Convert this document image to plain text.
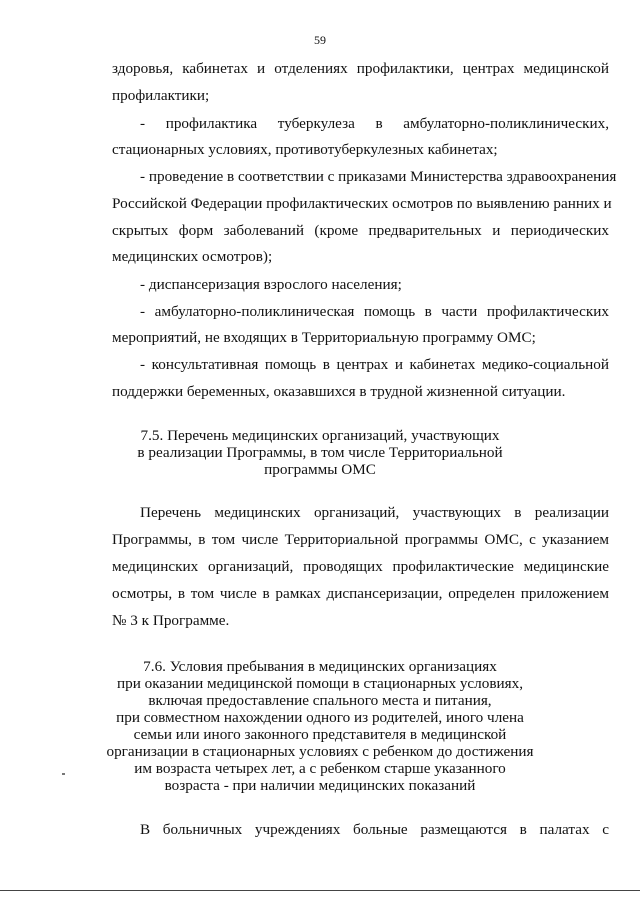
59
здоровья, кабинетах и отделениях профилактики, центрах медицинской
профилактики;
- профилактика туберкулеза в амбулаторно-поликлинических,
стационарных условиях, противотуберкулезных кабинетах;
- проведение в соответствии с приказами Министерства здравоохранения
Российской Федерации профилактических осмотров по выявлению ранних и
скрытых форм заболеваний (кроме предварительных и периодических
медицинских осмотров);
- диспансеризация взрослого населения;
- амбулаторно-поликлиническая помощь в части профилактических
мероприятий, не входящих в Территориальную программу ОМС;
- консультативная помощь в центрах и кабинетах медико-социальной
поддержки беременных, оказавшихся в трудной жизненной ситуации.
7.5. Перечень медицинских организаций, участвующих
в реализации Программы, в том числе Территориальной
программы ОМС
Перечень медицинских организаций, участвующих в реализации
Программы, в том числе Территориальной программы ОМС, с указанием
медицинских организаций, проводящих профилактические медицинские
осмотры, в том числе в рамках диспансеризации, определен приложением
№ 3 к Программе.
7.6. Условия пребывания в медицинских организациях
при оказании медицинской помощи в стационарных условиях,
включая предоставление спального места и питания,
при совместном нахождении одного из родителей, иного члена
семьи или иного законного представителя в медицинской
организации в стационарных условиях с ребенком до достижения
им возраста четырех лет, а с ребенком старше указанного
возраста - при наличии медицинских показаний
В больничных учреждениях больные размещаются в палатах с
